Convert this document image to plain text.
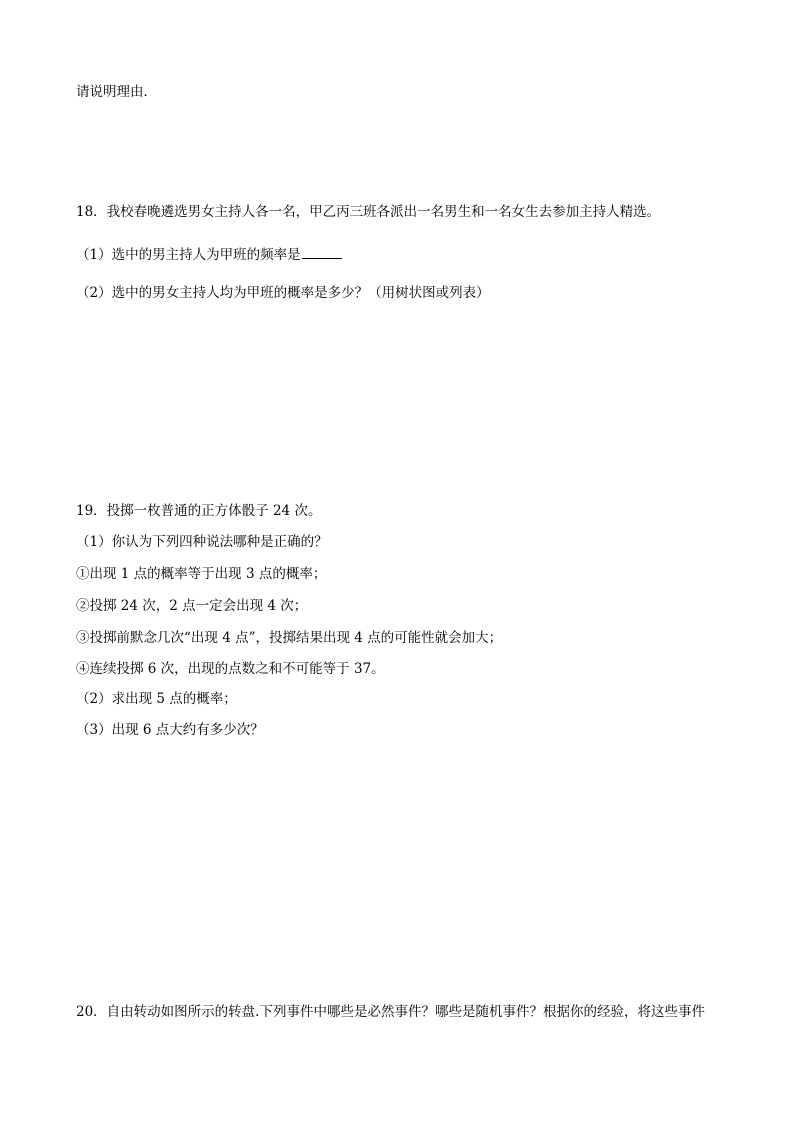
请说明理由．
18．我校春晚遴选男女主持人各一名，甲乙丙三班各派出一名男生和一名女生去参加主持人精选。
（1）选中的男主持人为甲班的频率是
（2）选中的男女主持人均为甲班的概率是多少？（用树状图或列表）
19．投掷一枚普通的正方体骰子 24 次。
（1）你认为下列四种说法哪种是正确的？
①出现 1 点的概率等于出现 3 点的概率；
②投掷 24 次，2 点一定会出现 4 次；
③投掷前默念几次“出现 4 点”，投掷结果出现 4 点的可能性就会加大；
④连续投掷 6 次，出现的点数之和不可能等于 37。
（2）求出现 5 点的概率；
（3）出现 6 点大约有多少次？
20．自由转动如图所示的转盘.下列事件中哪些是必然事件？哪些是随机事件？根据你的经验，将这些事件
